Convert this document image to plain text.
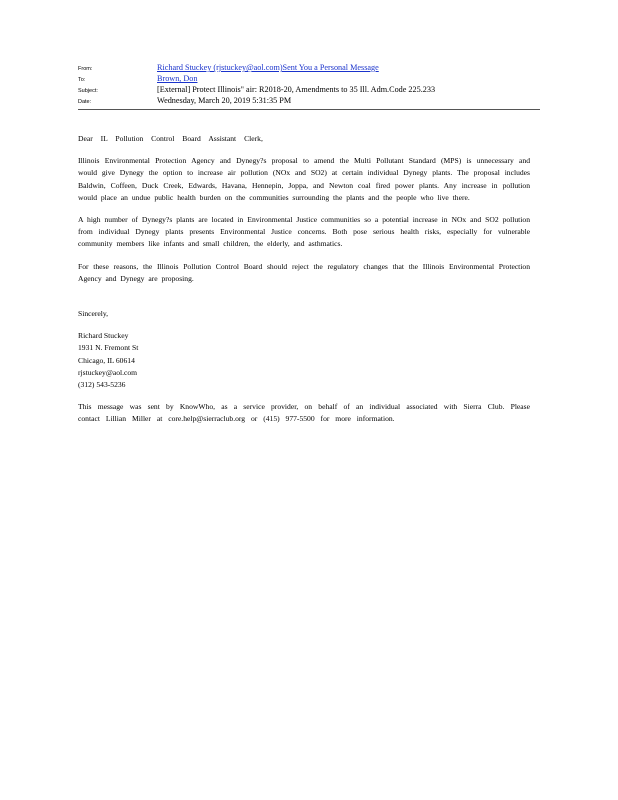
From:	Richard Stuckey (rjstuckey@aol.com)Sent You a Personal Message
To:	Brown, Don
Subject:	[External] Protect Illinois" air: R2018-20, Amendments to 35 Ill. Adm.Code 225.233
Date:	Wednesday, March 20, 2019 5:31:35 PM

Dear IL Pollution Control Board Assistant Clerk,

Illinois Environmental Protection Agency and Dynegy?s proposal to amend the Multi Pollutant Standard (MPS) is unnecessary and would give Dynegy the option to increase air pollution (NOx and SO2) at certain individual Dynegy plants. The proposal includes Baldwin, Coffeen, Duck Creek, Edwards, Havana, Hennepin, Joppa, and Newton coal fired power plants. Any increase in pollution would place an undue public health burden on the communities surrounding the plants and the people who live there.

A high number of Dynegy?s plants are located in Environmental Justice communities so a potential increase in NOx and SO2 pollution from individual Dynegy plants presents Environmental Justice concerns. Both pose serious health risks, especially for vulnerable community members like infants and small children, the elderly, and asthmatics.

For these reasons, the Illinois Pollution Control Board should reject the regulatory changes that the Illinois Environmental Protection Agency and Dynegy are proposing.

Sincerely,

Richard Stuckey
1931 N. Fremont St
Chicago, IL 60614
rjstuckey@aol.com
(312) 543-5236

This message was sent by KnowWho, as a service provider, on behalf of an individual associated with Sierra Club. Please contact Lillian Miller at core.help@sierraclub.org or (415) 977-5500 for more information.
